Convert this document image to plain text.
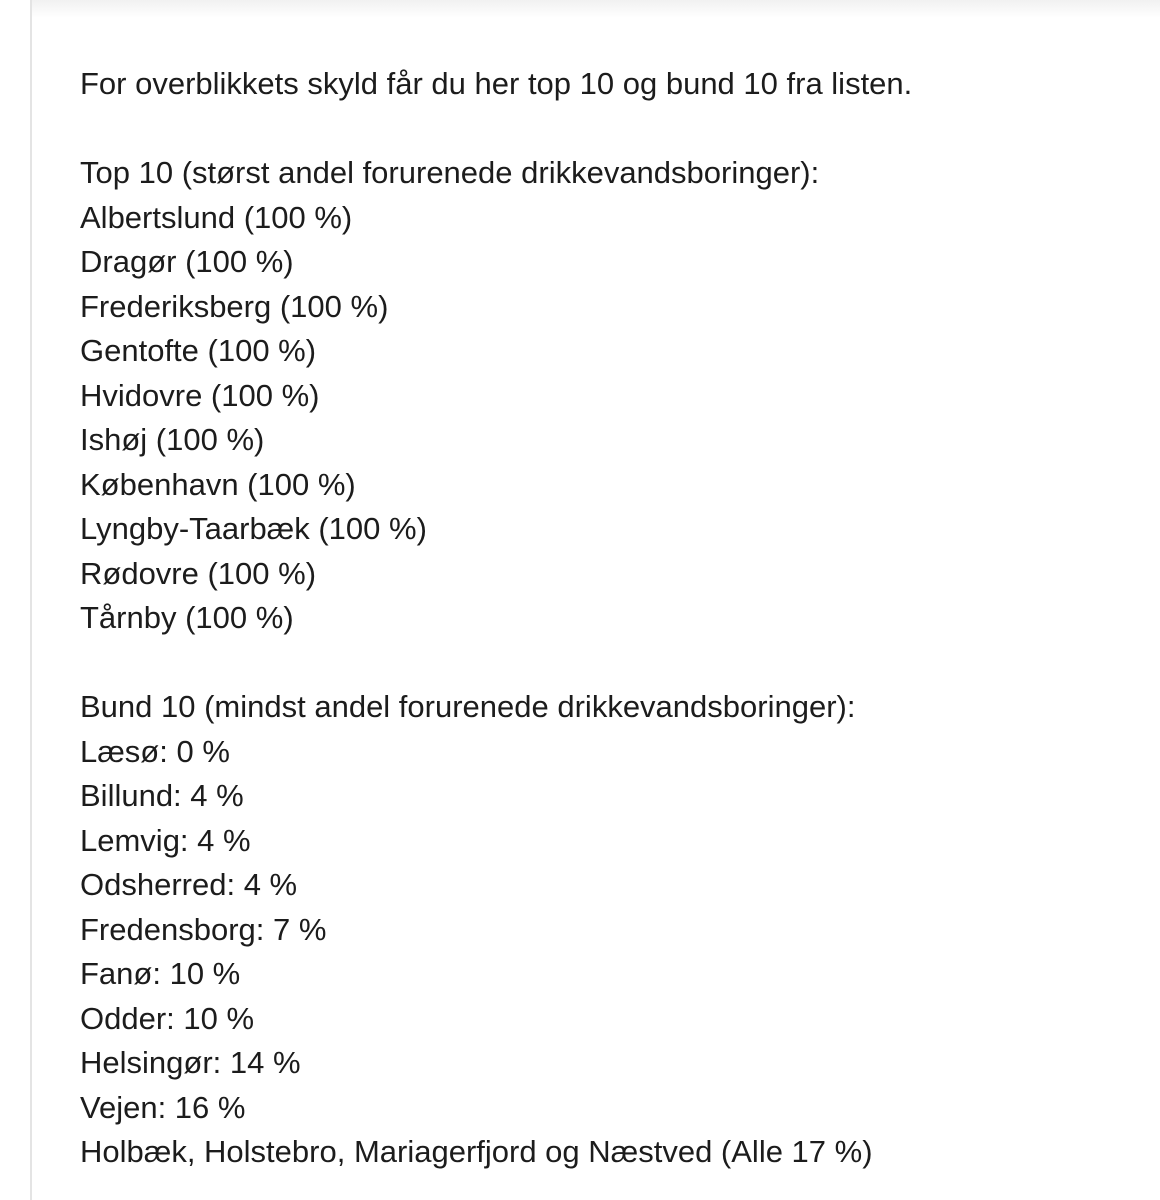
For overblikkets skyld får du her top 10 og bund 10 fra listen.
Top 10 (størst andel forurenede drikkevandsboringer):
Albertslund (100 %)
Dragør (100 %)
Frederiksberg (100 %)
Gentofte (100 %)
Hvidovre (100 %)
Ishøj (100 %)
København (100 %)
Lyngby-Taarbæk (100 %)
Rødovre (100 %)
Tårnby (100 %)
Bund 10 (mindst andel forurenede drikkevandsboringer):
Læsø: 0 %
Billund: 4 %
Lemvig: 4 %
Odsherred: 4 %
Fredensborg: 7 %
Fanø: 10 %
Odder: 10 %
Helsingør: 14 %
Vejen: 16 %
Holbæk, Holstebro, Mariagerfjord og Næstved (Alle 17 %)
